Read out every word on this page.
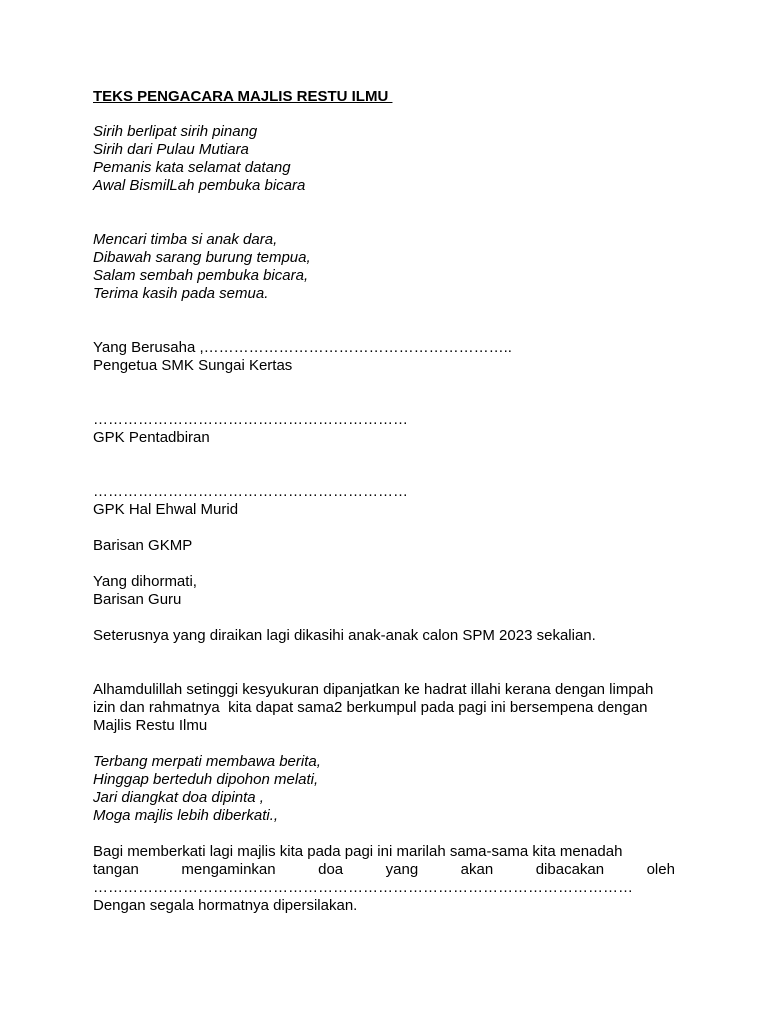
TEKS PENGACARA MAJLIS RESTU ILMU
Sirih berlipat sirih pinang
Sirih dari Pulau Mutiara
Pemanis kata selamat datang
Awal BismilLah pembuka bicara
Mencari timba si anak dara,
Dibawah sarang burung tempua,
Salam sembah pembuka bicara,
Terima kasih pada semua.
Yang Berusaha ,……………………………………………………..
Pengetua SMK Sungai Kertas
………………………………………………………
GPK Pentadbiran
………………………………………………………
GPK Hal Ehwal Murid
Barisan GKMP
Yang dihormati,
Barisan Guru
Seterusnya yang diraikan lagi dikasihi anak-anak calon SPM 2023 sekalian.
Alhamdulillah setinggi kesyukuran dipanjatkan ke hadrat illahi kerana dengan limpah
izin dan rahmatnya  kita dapat sama2 berkumpul pada pagi ini bersempena dengan
Majlis Restu Ilmu
Terbang merpati membawa berita,
Hinggap berteduh dipohon melati,
Jari diangkat doa dipinta ,
Moga majlis lebih diberkati.,
Bagi memberkati lagi majlis kita pada pagi ini marilah sama-sama kita menadah
tangan	mengaminkan	doa	yang	akan	dibacakan	oleh
………………………………………………………………………………………………
Dengan segala hormatnya dipersilakan.
